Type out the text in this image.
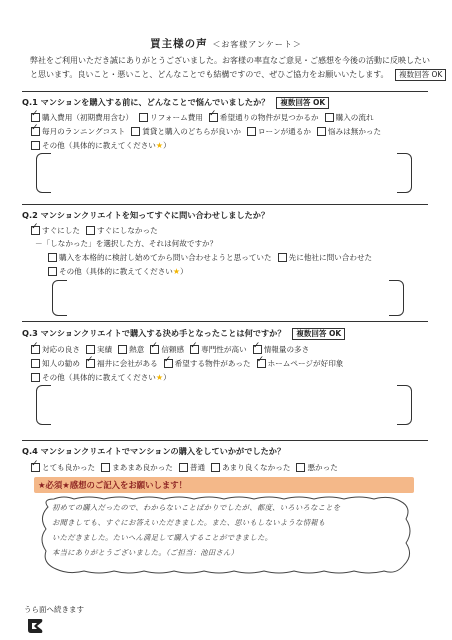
買主様の声 ＜お客様アンケート＞
弊社をご利用いただき誠にありがとうございました。お客様の率直なご意見・ご感想を今後の活動に反映したい
と思います。良いこと・悪いこと、どんなことでも結構ですので、ぜひご協力をお願いいたします。 複数回答 OK
Q.1 マンションを購入する前に、どんなことで悩んでいましたか？ 複数回答 OK
✓
購入費用（初期費用含む） リフォーム費用 ✓ 希望通りの物件が見つかるか 購入の流れ
✓
毎月のランニングコスト 賃貸と購入のどちらが良いか ローンが通るか 悩みは無かった
その他（具体的に教えてください ★ ）
Q.2 マンションクリエイトを知ってすぐに問い合わせしましたか？
✓
すぐにした すぐにしなかった
－「しなかった」を選択した方、それは何故ですか？
購入を本格的に検討し始めてから問い合わせようと思っていた 先に他社に問い合わせた
その他（具体的に教えてください ★ ）
Q.3 マンションクリエイトで購入する決め手となったことは何ですか？ 複数回答 OK
✓
対応の良さ 実績 熱意 ✓ 信頼感 ✓ 専門性が高い ✓ 情報量の多さ
知人の勧め ✓ 福井に会社がある ✓ 希望する物件があった ✓ ホームページが好印象
その他（具体的に教えてください ★ ）
Q.4 マンションクリエイトでマンションの購入をしていかがでしたか？
✓
とても良かった まあまあ良かった 普通 あまり良くなかった 悪かった
★必須★感想のご記入をお願いします！
初めての購入だったので、わからないことばかりでしたが、都度、いろいろなことを
お聞きしても、すぐにお答えいただきました。また、思いもしないような情報も
いただきました。たいへん満足して購入することができました。
本当にありがとうございました。（ご担当：池田さん）
うら面へ続きます
